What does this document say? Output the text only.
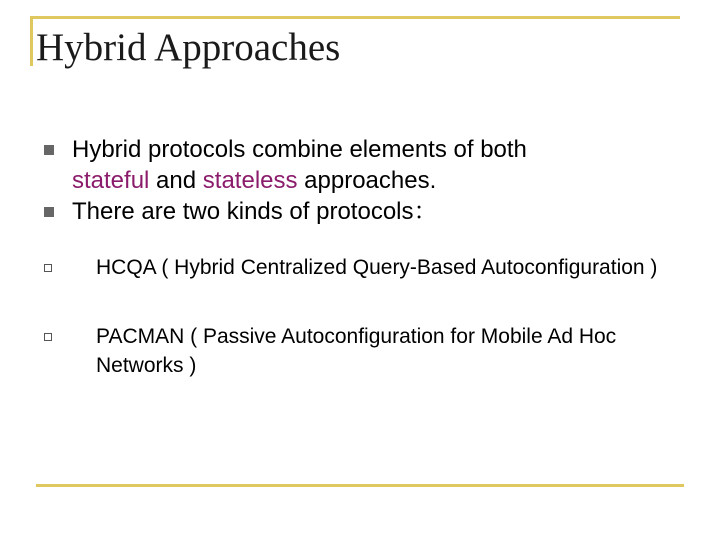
Hybrid Approaches
Hybrid protocols combine elements of both
stateful and stateless approaches.
There are two kinds of protocols：
HCQA ( Hybrid Centralized Query-Based Autoconfiguration )
PACMAN ( Passive Autoconfiguration for Mobile Ad Hoc Networks )
